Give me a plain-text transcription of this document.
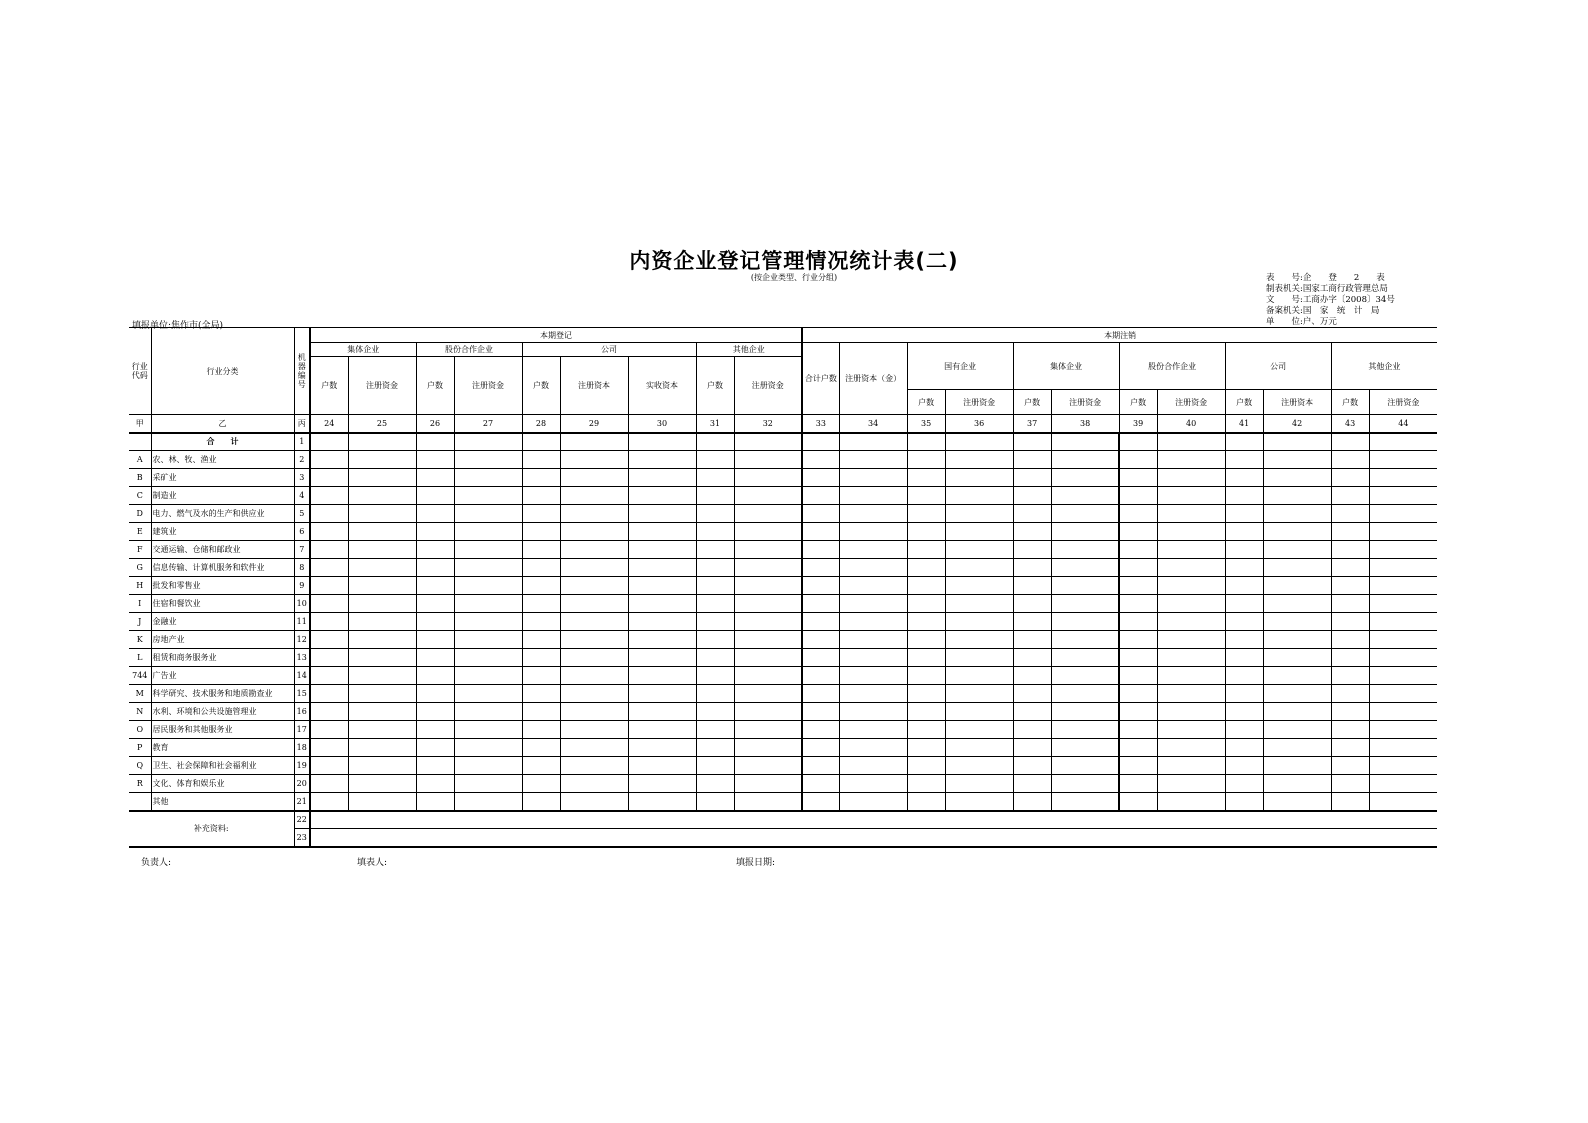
内资企业登记管理情况统计表(二)
(按企业类型、行业分组)	表　　号:企　　登　　2　　表
制表机关:国家工商行政管理总局
文　　号:工商办字〔2008〕34号
备案机关:国　家　统　计　局
单　　位:户、万元
填报单位:焦作市(全局)
行业代码	行业分类	机器编号	本期登记									本期注销											
			集体企业		股份合作企业		公司			其他企业		合计户数	注册资本（金）	国有企业		集体企业		股份合作企业		公司		其他企业	
			户数	注册资金	户数	注册资金	户数	注册资本	实收资本	户数	注册资金												
														户数	注册资金	户数	注册资金	户数	注册资金	户数	注册资本	户数	注册资金
甲	乙	丙	24	25	26	27	28	29	30	31	32	33	34	35	36	37	38	39	40	41	42	43	44
	合　　计	1																					
A	农、林、牧、渔业	2																					
B	采矿业	3																					
C	制造业	4																					
D	电力、燃气及水的生产和供应业	5																					
E	建筑业	6																					
F	交通运输、仓储和邮政业	7																					
G	信息传输、计算机服务和软件业	8																					
H	批发和零售业	9																					
I	住宿和餐饮业	10																					
J	金融业	11																					
K	房地产业	12																					
L	租赁和商务服务业	13																					
744	广告业	14																					
M	科学研究、技术服务和地质勘查业	15																					
N	水利、环境和公共设施管理业	16																					
O	居民服务和其他服务业	17																					
P	教育	18																					
Q	卫生、社会保障和社会福利业	19																					
R	文化、体育和娱乐业	20																					
	其他	21																					
补充资料:		22																					
		23																					
负责人:	填表人:	填报日期:
